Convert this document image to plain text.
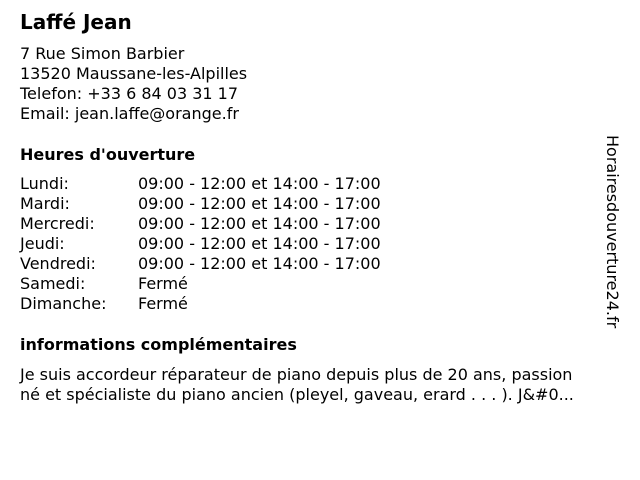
Laffé Jean
7 Rue Simon Barbier
13520 Maussane-les-Alpilles
Telefon: +33 6 84 03 31 17
Email: jean.laffe@orange.fr
Heures d'ouverture
Lundi:	09:00 - 12:00 et 14:00 - 17:00
Mardi:	09:00 - 12:00 et 14:00 - 17:00
Mercredi:	09:00 - 12:00 et 14:00 - 17:00
Jeudi:	09:00 - 12:00 et 14:00 - 17:00
Vendredi:	09:00 - 12:00 et 14:00 - 17:00
Samedi:	Fermé
Dimanche:	Fermé
informations complémentaires
Je suis accordeur réparateur de piano depuis plus de 20 ans, passion
né et spécialiste du piano ancien (pleyel, gaveau, erard . . . ). J&#0...
Horairesdouverture24.fr
